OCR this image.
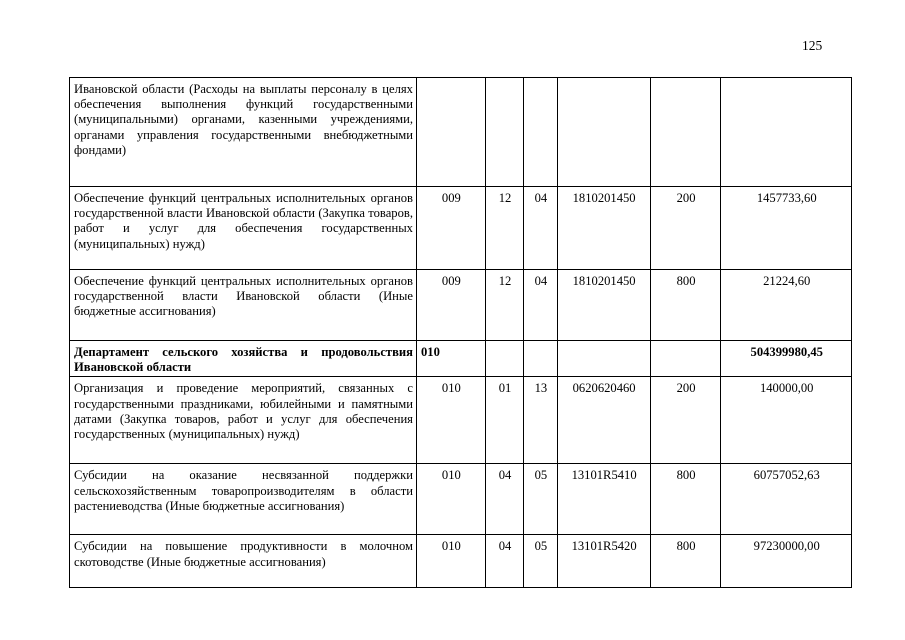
125
Ивановской области (Расходы на выплаты персоналу в целях обеспечения выполнения функций государственными (муниципальными) органами, казенными учреждениями, органами управления государственными внебюджетными фондами)						
Обеспечение функций центральных исполнительных органов государственной власти Ивановской области (Закупка товаров, работ и услуг для обеспечения государственных (муниципальных) нужд)	009	12	04	1810201450	200	1457733,60
Обеспечение функций центральных исполнительных органов государственной власти Ивановской области (Иные бюджетные ассигнования)	009	12	04	1810201450	800	21224,60
Департамент сельского хозяйства и продовольствия Ивановской области	010					504399980,45
Организация и проведение мероприятий, связанных с государственными праздниками, юбилейными и памятными датами (Закупка товаров, работ и услуг для обеспечения государственных (муниципальных) нужд)	010	01	13	0620620460	200	140000,00
Субсидии на оказание несвязанной поддержки сельскохозяйственным товаропроизводителям в области растениеводства (Иные бюджетные ассигнования)	010	04	05	13101R5410	800	60757052,63
Субсидии на повышение продуктивности в молочном скотоводстве (Иные бюджетные ассигнования)	010	04	05	13101R5420	800	97230000,00
